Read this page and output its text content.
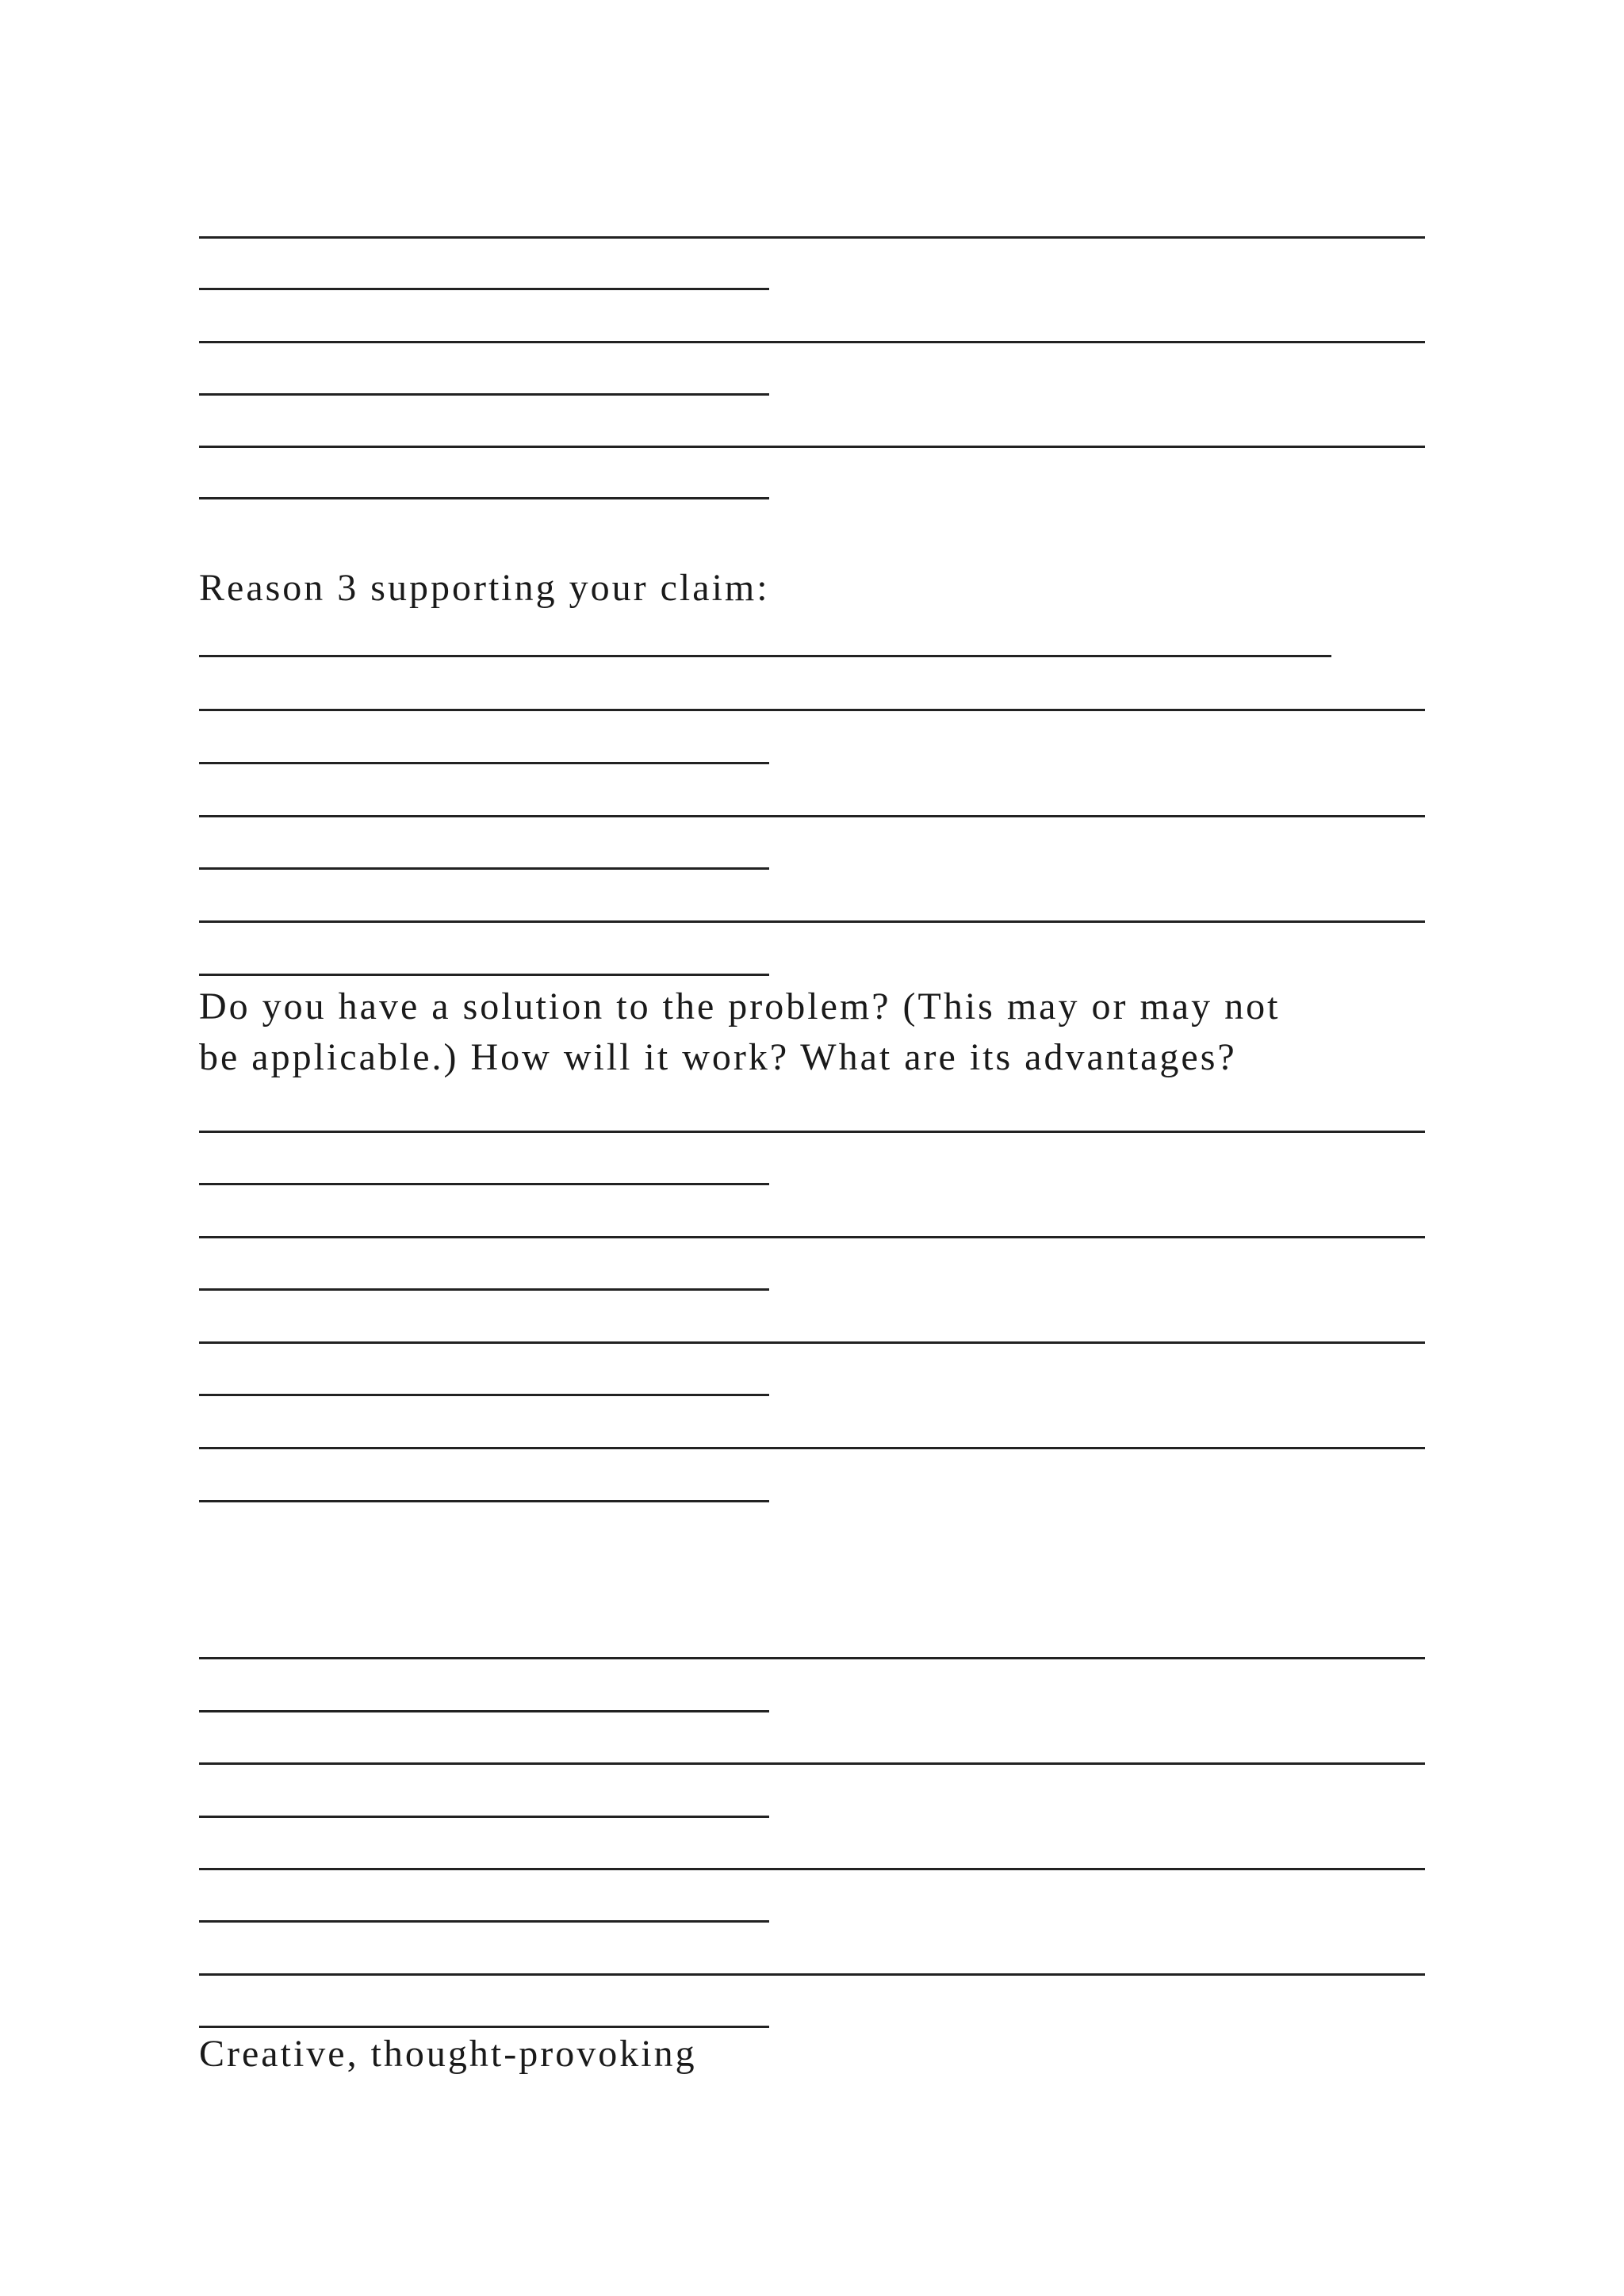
Reason 3 supporting your claim:
Do you have a solution to the problem? (This may or may not
be applicable.) How will it work? What are its advantages?
Creative, thought-provoking
